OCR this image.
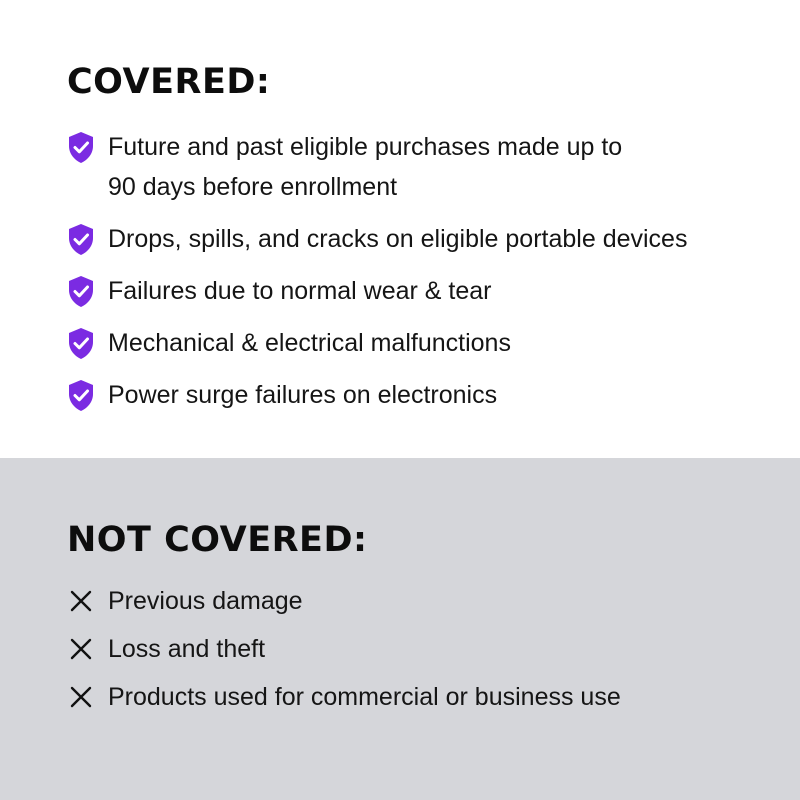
COVERED:
Future and past eligible purchases made up to
90 days before enrollment
Drops, spills, and cracks on eligible portable devices
Failures due to normal wear & tear
Mechanical & electrical malfunctions
Power surge failures on electronics
NOT COVERED:
Previous damage
Loss and theft
Products used for commercial or business use
